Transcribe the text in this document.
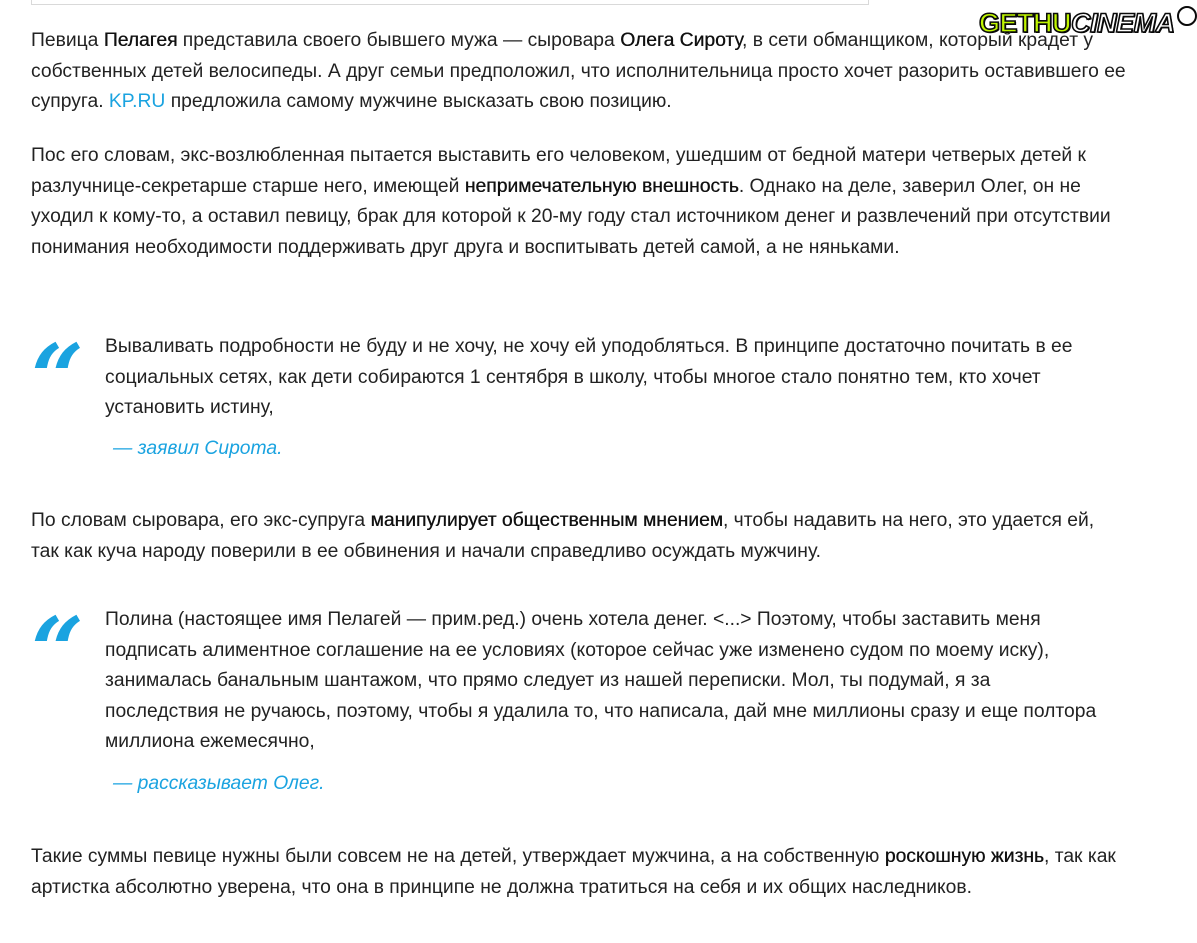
GETHU CINEMA

Певица Пелагея представила своего бывшего мужа — сыровара Олега Сироту, в сети обманщиком, который крадет у собственных детей велосипеды. А друг семьи предположил, что исполнительница просто хочет разорить оставившего ее супруга. KP.RU предложила самому мужчине высказать свою позицию.

Пос его словам, экс-возлюбленная пытается выставить его человеком, ушедшим от бедной матери четверых детей к разлучнице-секретарше старше него, имеющей непримечательную внешность. Однако на деле, заверил Олег, он не уходил к кому-то, а оставил певицу, брак для которой к 20-му году стал источником денег и развлечений при отсутствии понимания необходимости поддерживать друг друга и воспитывать детей самой, а не няньками.

“	Вываливать подробности не буду и не хочу, не хочу ей уподобляться. В принципе достаточно почитать в ее социальных сетях, как дети собираются 1 сентября в школу, чтобы многое стало понятно тем, кто хочет установить истину,

— заявил Сирота.

По словам сыровара, его экс-супруга манипулирует общественным мнением, чтобы надавить на него, это удается ей, так как куча народу поверили в ее обвинения и начали справедливо осуждать мужчину.

“	Полина (настоящее имя Пелагей — прим.ред.) очень хотела денег. <...> Поэтому, чтобы заставить меня подписать алиментное соглашение на ее условиях (которое сейчас уже изменено судом по моему иску), занималась банальным шантажом, что прямо следует из нашей переписки. Мол, ты подумай, я за последствия не ручаюсь, поэтому, чтобы я удалила то, что написала, дай мне миллионы сразу и еще полтора миллиона ежемесячно,

— рассказывает Олег.

Такие суммы певице нужны были совсем не на детей, утверждает мужчина, а на собственную роскошную жизнь, так как артистка абсолютно уверена, что она в принципе не должна тратиться на себя и их общих наследников.
